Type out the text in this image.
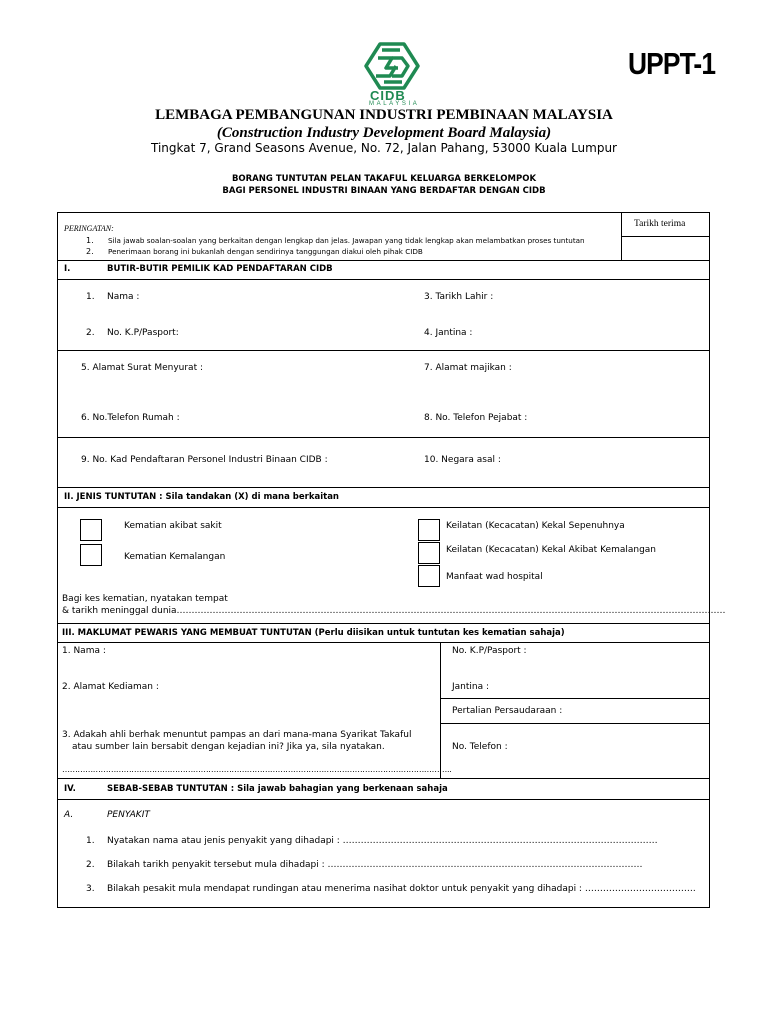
CIDB
MALAYSIA
UPPT-1
LEMBAGA PEMBANGUNAN INDUSTRI PEMBINAAN MALAYSIA
(Construction Industry Development Board Malaysia)
Tingkat 7, Grand Seasons Avenue, No. 72, Jalan Pahang, 53000 Kuala Lumpur
BORANG TUNTUTAN PELAN TAKAFUL KELUARGA BERKELOMPOK
BAGI PERSONEL INDUSTRI BINAAN YANG BERDAFTAR DENGAN CIDB
PERINGATAN:
1. Sila jawab soalan-soalan yang berkaitan dengan lengkap dan jelas. Jawapan yang tidak lengkap akan melambatkan proses tuntutan
2. Penerimaan borang ini bukanlah dengan sendirinya tanggungan diakui oleh pihak CIDB
Tarikh terima
I.	BUTIR-BUTIR PEMILIK KAD PENDAFTARAN CIDB
1. Nama :	3. Tarikh Lahir :
2. No. K.P/Pasport:	4. Jantina :
5. Alamat Surat Menyurat :	7. Alamat majikan :
6. No.Telefon Rumah :	8. No. Telefon Pejabat :
9. No. Kad Pendaftaran Personel Industri Binaan CIDB :	10. Negara asal :
II. JENIS TUNTUTAN : Sila tandakan (X) di mana berkaitan
Kematian akibat sakit
Kematian Kemalangan
Keilatan (Kecacatan) Kekal Sepenuhnya
Keilatan (Kecacatan) Kekal Akibat Kemalangan
Manfaat wad hospital
Bagi kes kematian, nyatakan tempat
& tarikh meninggal dunia…………………………………………………………………………………………………………………………………………………………………
III. MAKLUMAT PEWARIS YANG MEMBUAT TUNTUTAN (Perlu diisikan untuk tuntutan kes kematian sahaja)
1. Nama :	No. K.P/Pasport :
2. Alamat Kediaman :	Jantina :
Pertalian Persaudaraan :
3. Adakah ahli berhak menuntut pampas an dari mana-mana Syarikat Takaful
atau sumber lain bersabit dengan kejadian ini? Jika ya, sila nyatakan.	No. Telefon :
……………………………………………………………………………………………………………………………………..
IV.	SEBAB-SEBAB TUNTUTAN : Sila jawab bahagian yang berkenaan sahaja
A.	PENYAKIT
1. Nyatakan nama atau jenis penyakit yang dihadapi : ……………………………………………………………………………………………
2. Bilakah tarikh penyakit tersebut mula dihadapi : ……………………………………………………………………………………………
3. Bilakah pesakit mula mendapat rundingan atau menerima nasihat doktor untuk penyakit yang dihadapi : ……………………………….
